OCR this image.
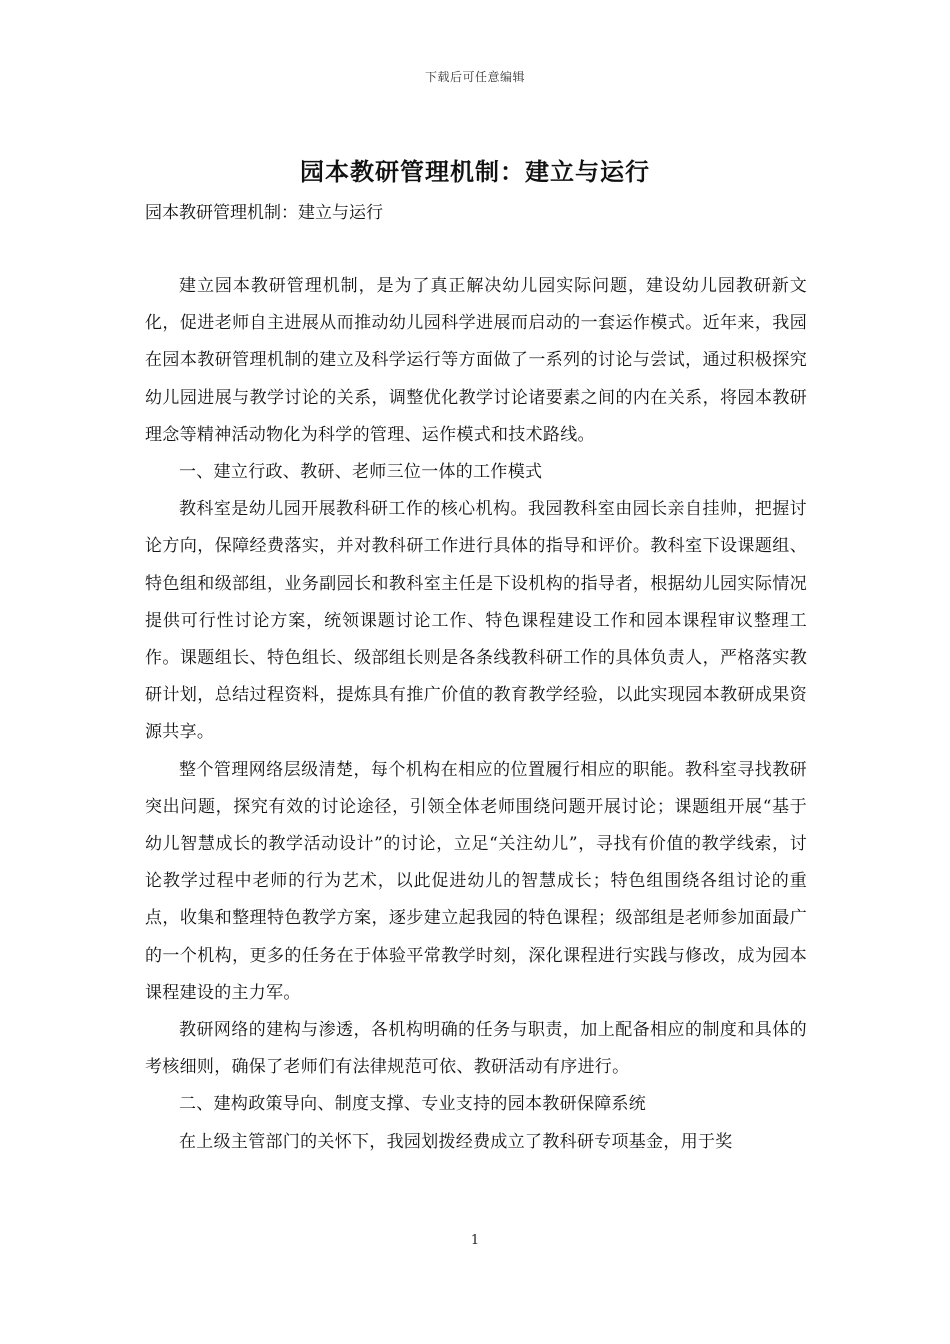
下载后可任意编辑
园本教研管理机制：建立与运行
园本教研管理机制：建立与运行

建立园本教研管理机制，是为了真正解决幼儿园实际问题，建设幼儿园教研新文化，促进老师自主进展从而推动幼儿园科学进展而启动的一套运作模式。近年来，我园在园本教研管理机制的建立及科学运行等方面做了一系列的讨论与尝试，通过积极探究幼儿园进展与教学讨论的关系，调整优化教学讨论诸要素之间的内在关系，将园本教研理念等精神活动物化为科学的管理、运作模式和技术路线。

一、建立行政、教研、老师三位一体的工作模式

教科室是幼儿园开展教科研工作的核心机构。我园教科室由园长亲自挂帅，把握讨论方向，保障经费落实，并对教科研工作进行具体的指导和评价。教科室下设课题组、特色组和级部组，业务副园长和教科室主任是下设机构的指导者，根据幼儿园实际情况提供可行性讨论方案，统领课题讨论工作、特色课程建设工作和园本课程审议整理工作。课题组长、特色组长、级部组长则是各条线教科研工作的具体负责人，严格落实教研计划，总结过程资料，提炼具有推广价值的教育教学经验，以此实现园本教研成果资源共享。

整个管理网络层级清楚，每个机构在相应的位置履行相应的职能。教科室寻找教研突出问题，探究有效的讨论途径，引领全体老师围绕问题开展讨论；课题组开展“基于幼儿智慧成长的教学活动设计”的讨论，立足“关注幼儿”，寻找有价值的教学线索，讨论教学过程中老师的行为艺术，以此促进幼儿的智慧成长；特色组围绕各组讨论的重点，收集和整理特色教学方案，逐步建立起我园的特色课程；级部组是老师参加面最广的一个机构，更多的任务在于体验平常教学时刻，深化课程进行实践与修改，成为园本课程建设的主力军。

教研网络的建构与渗透，各机构明确的任务与职责，加上配备相应的制度和具体的考核细则，确保了老师们有法律规范可依、教研活动有序进行。

二、建构政策导向、制度支撑、专业支持的园本教研保障系统

在上级主管部门的关怀下，我园划拨经费成立了教科研专项基金，用于奖

1
